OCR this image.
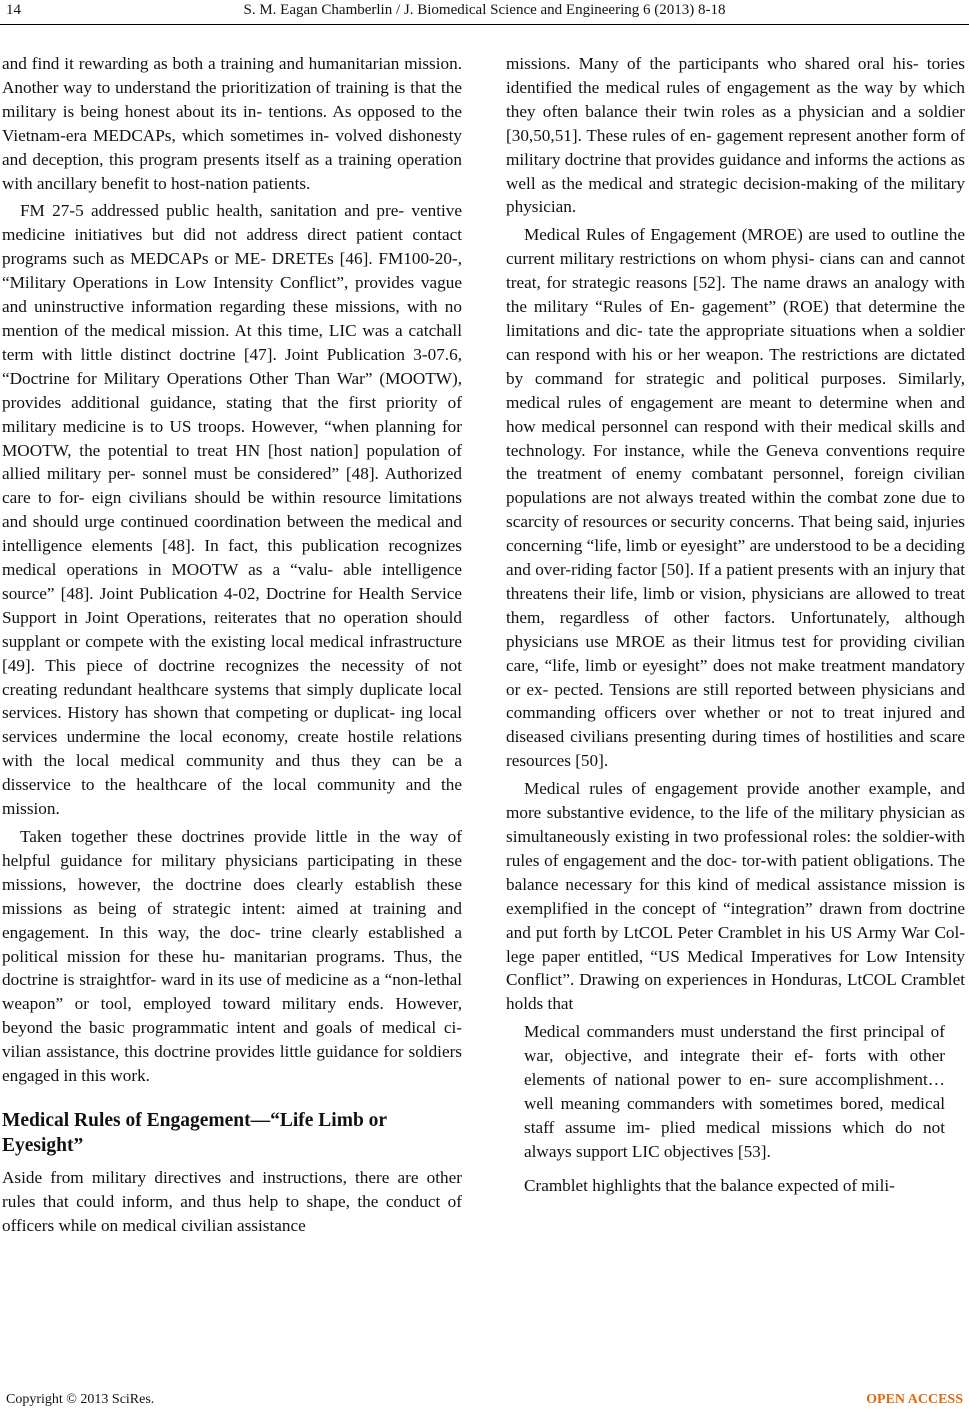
14	S. M. Eagan Chamberlin / J. Biomedical Science and Engineering 6 (2013) 8-18

and find it rewarding as both a training and humanitarian mission. Another way to understand the prioritization of training is that the military is being honest about its in- tentions. As opposed to the Vietnam-era MEDCAPs, which sometimes in- volved dishonesty and deception, this program presents itself as a training operation with ancillary benefit to host-nation patients.

FM 27-5 addressed public health, sanitation and pre- ventive medicine initiatives but did not address direct patient contact programs such as MEDCAPs or ME- DRETEs [46]. FM100-20-, “Military Operations in Low Intensity Conflict”, provides vague and uninstructive information regarding these missions, with no mention of the medical mission. At this time, LIC was a catchall term with little distinct doctrine [47]. Joint Publication 3-07.6, “Doctrine for Military Operations Other Than War” (MOOTW), provides additional guidance, stating that the first priority of military medicine is to US troops. However, “when planning for MOOTW, the potential to treat HN [host nation] population of allied military per- sonnel must be considered” [48]. Authorized care to for- eign civilians should be within resource limitations and should urge continued coordination between the medical and intelligence elements [48]. In fact, this publication recognizes medical operations in MOOTW as a “valu- able intelligence source” [48]. Joint Publication 4-02, Doctrine for Health Service Support in Joint Operations, reiterates that no operation should supplant or compete with the existing local medical infrastructure [49]. This piece of doctrine recognizes the necessity of not creating redundant healthcare systems that simply duplicate local services. History has shown that competing or duplicat- ing local services undermine the local economy, create hostile relations with the local medical community and thus they can be a disservice to the healthcare of the local community and the mission.

Taken together these doctrines provide little in the way of helpful guidance for military physicians participating in these missions, however, the doctrine does clearly establish these missions as being of strategic intent: aimed at training and engagement. In this way, the doc- trine clearly established a political mission for these hu- manitarian programs. Thus, the doctrine is straightfor- ward in its use of medicine as a “non-lethal weapon” or tool, employed toward military ends. However, beyond the basic programmatic intent and goals of medical ci- vilian assistance, this doctrine provides little guidance for soldiers engaged in this work.

Medical Rules of Engagement—“Life Limb or Eyesight”

Aside from military directives and instructions, there are other rules that could inform, and thus help to shape, the conduct of officers while on medical civilian assistance

missions. Many of the participants who shared oral his- tories identified the medical rules of engagement as the way by which they often balance their twin roles as a physician and a soldier [30,50,51]. These rules of en- gagement represent another form of military doctrine that provides guidance and informs the actions as well as the medical and strategic decision-making of the military physician.

Medical Rules of Engagement (MROE) are used to outline the current military restrictions on whom physi- cians can and cannot treat, for strategic reasons [52]. The name draws an analogy with the military “Rules of En- gagement” (ROE) that determine the limitations and dic- tate the appropriate situations when a soldier can respond with his or her weapon. The restrictions are dictated by command for strategic and political purposes. Similarly, medical rules of engagement are meant to determine when and how medical personnel can respond with their medical skills and technology. For instance, while the Geneva conventions require the treatment of enemy combatant personnel, foreign civilian populations are not always treated within the combat zone due to scarcity of resources or security concerns. That being said, injuries concerning “life, limb or eyesight” are understood to be a deciding and over-riding factor [50]. If a patient presents with an injury that threatens their life, limb or vision, physicians are allowed to treat them, regardless of other factors. Unfortunately, although physicians use MROE as their litmus test for providing civilian care, “life, limb or eyesight” does not make treatment mandatory or ex- pected. Tensions are still reported between physicians and commanding officers over whether or not to treat injured and diseased civilians presenting during times of hostilities and scare resources [50].

Medical rules of engagement provide another example, and more substantive evidence, to the life of the military physician as simultaneously existing in two professional roles: the soldier-with rules of engagement and the doc- tor-with patient obligations. The balance necessary for this kind of medical assistance mission is exemplified in the concept of “integration” drawn from doctrine and put forth by LtCOL Peter Cramblet in his US Army War Col- lege paper entitled, “US Medical Imperatives for Low Intensity Conflict”. Drawing on experiences in Honduras, LtCOL Cramblet holds that

Medical commanders must understand the first principal of war, objective, and integrate their ef- forts with other elements of national power to en- sure accomplishment… well meaning commanders with sometimes bored, medical staff assume im- plied medical missions which do not always support LIC objectives [53].

Cramblet highlights that the balance expected of mili-

Copyright © 2013 SciRes.	OPEN ACCESS
